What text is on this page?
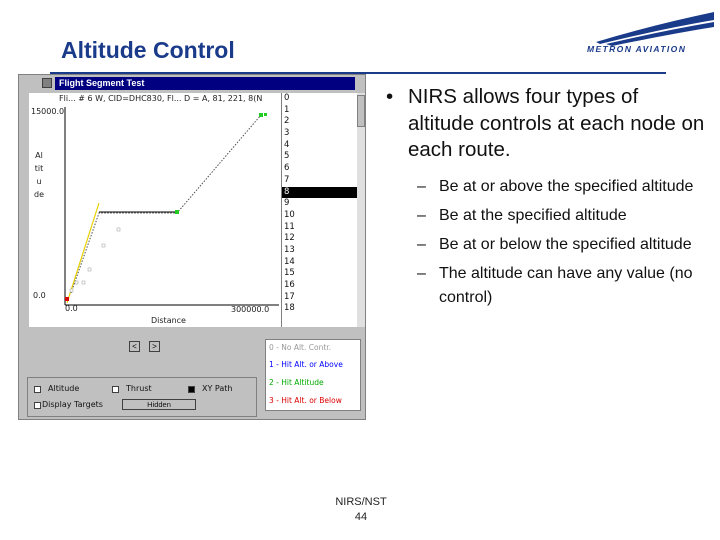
Altitude Control	METRON AVIATION
Flight Segment Test
Fli... # 6 W, CID=DHC830, Fl... D = A, 81, 221, 8(N
15000.0
Altitude
0.0
0.0	300000.0
Distance
0
1
2
3
4
5
6
7
8
9
10
11
12
13
14
15
16
17
18
<	>	0 - No Alt. Contr.
1 - Hit Alt. or Above
2 - Hit Altitude
3 - Hit Alt. or Below
Altitude	Thrust	XY Path
Display Targets	Hidden
• NIRS allows four types of altitude controls at each node on each route.
– Be at or above the specified altitude
– Be at the specified altitude
– Be at or below the specified altitude
– The altitude can have any value (no control)
NIRS/NST
44
